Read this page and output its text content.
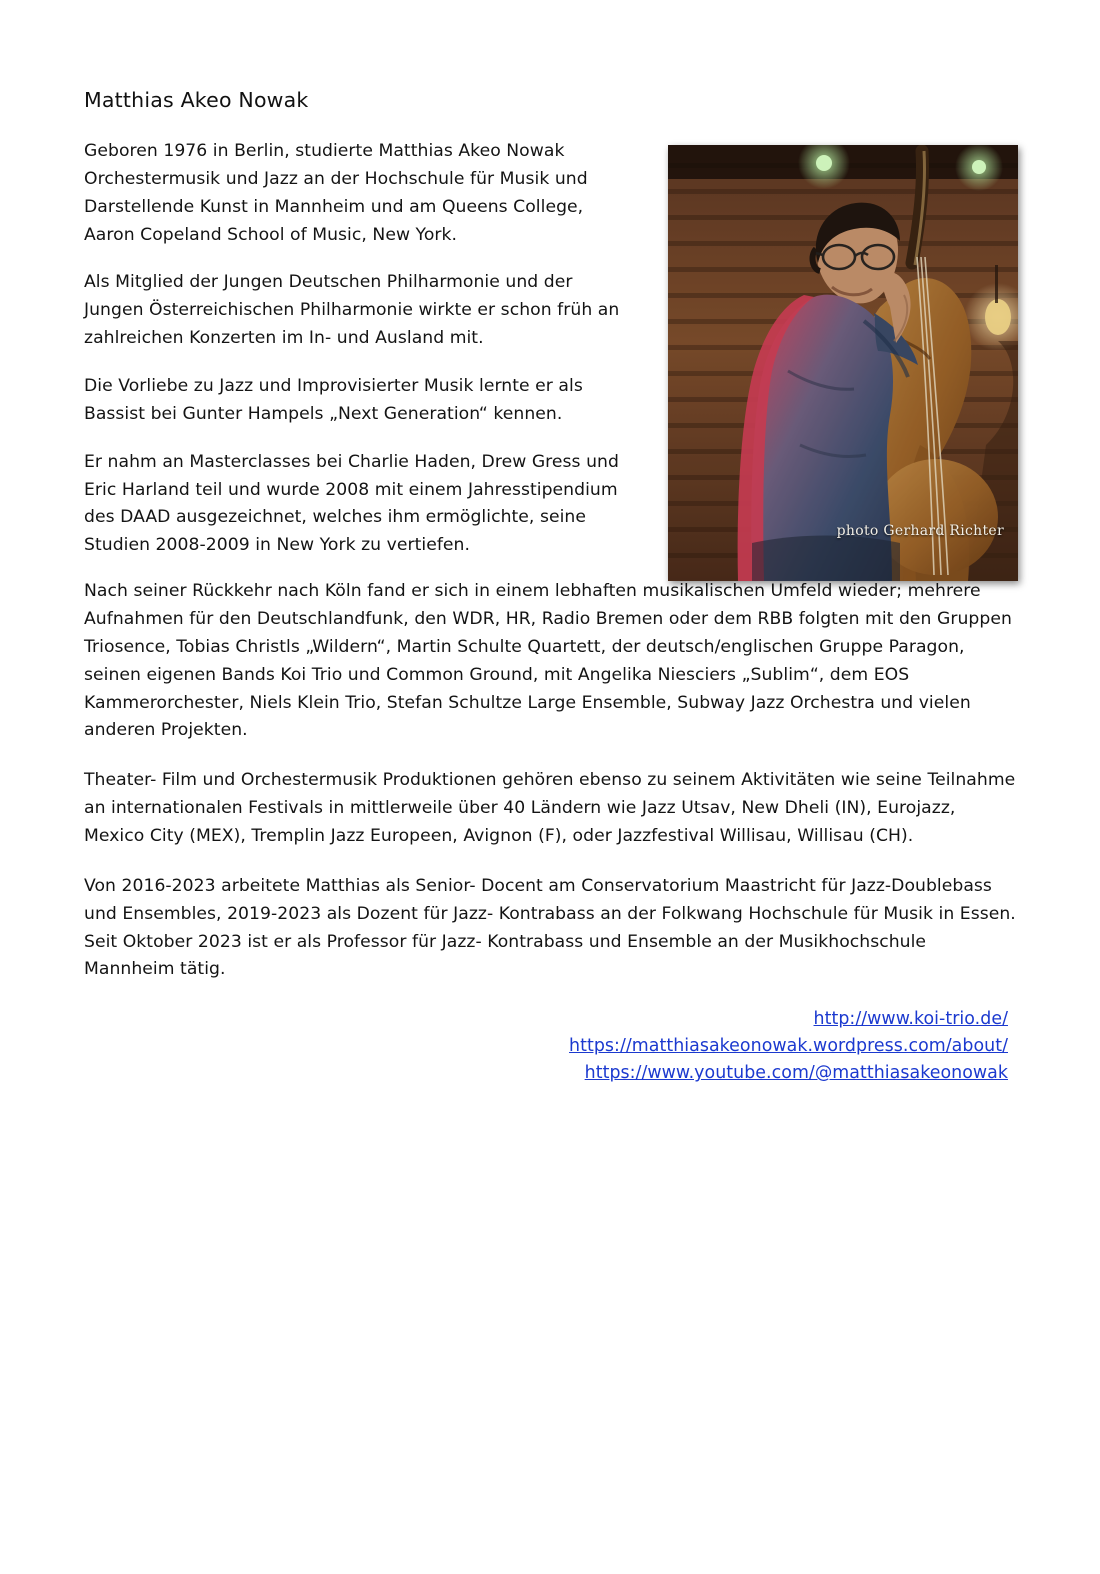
Matthias Akeo Nowak

Geboren 1976 in Berlin, studierte Matthias Akeo Nowak Orchestermusik und Jazz an der Hochschule für Musik und Darstellende Kunst in Mannheim und am Queens College, Aaron Copeland School of Music, New York.

Als Mitglied der Jungen Deutschen Philharmonie und der Jungen Österreichischen Philharmonie wirkte er schon früh an zahlreichen Konzerten im In- und Ausland mit.

Die Vorliebe zu Jazz und Improvisierter Musik lernte er als Bassist bei Gunter Hampels „Next Generation“ kennen.

Er nahm an Masterclasses bei Charlie Haden, Drew Gress und Eric Harland teil und wurde 2008 mit einem Jahresstipendium des DAAD ausgezeichnet, welches ihm ermöglichte, seine Studien 2008-2009 in New York zu vertiefen.

photo Gerhard Richter

Nach seiner Rückkehr nach Köln fand er sich in einem lebhaften musikalischen Umfeld wieder; mehrere Aufnahmen für den Deutschlandfunk, den WDR, HR, Radio Bremen oder dem RBB folgten mit den Gruppen Triosence, Tobias Christls „Wildern“, Martin Schulte Quartett, der deutsch/englischen Gruppe Paragon, seinen eigenen Bands Koi Trio und Common Ground, mit Angelika Niesciers „Sublim“, dem EOS Kammerorchester, Niels Klein Trio, Stefan Schultze Large Ensemble, Subway Jazz Orchestra und vielen anderen Projekten.

Theater- Film und Orchestermusik Produktionen gehören ebenso zu seinem Aktivitäten wie seine Teilnahme an internationalen Festivals in mittlerweile über 40 Ländern wie Jazz Utsav, New Dheli (IN), Eurojazz, Mexico City (MEX), Tremplin Jazz Europeen, Avignon (F), oder Jazzfestival Willisau, Willisau (CH).

Von 2016-2023 arbeitete Matthias als Senior- Docent am Conservatorium Maastricht für Jazz-Doublebass und Ensembles, 2019-2023 als Dozent für Jazz- Kontrabass an der Folkwang Hochschule für Musik in Essen. Seit Oktober 2023 ist er als Professor für Jazz- Kontrabass und Ensemble an der Musikhochschule Mannheim tätig.

http://www.koi-trio.de/
https://matthiasakeonowak.wordpress.com/about/
https://www.youtube.com/@matthiasakeonowak
